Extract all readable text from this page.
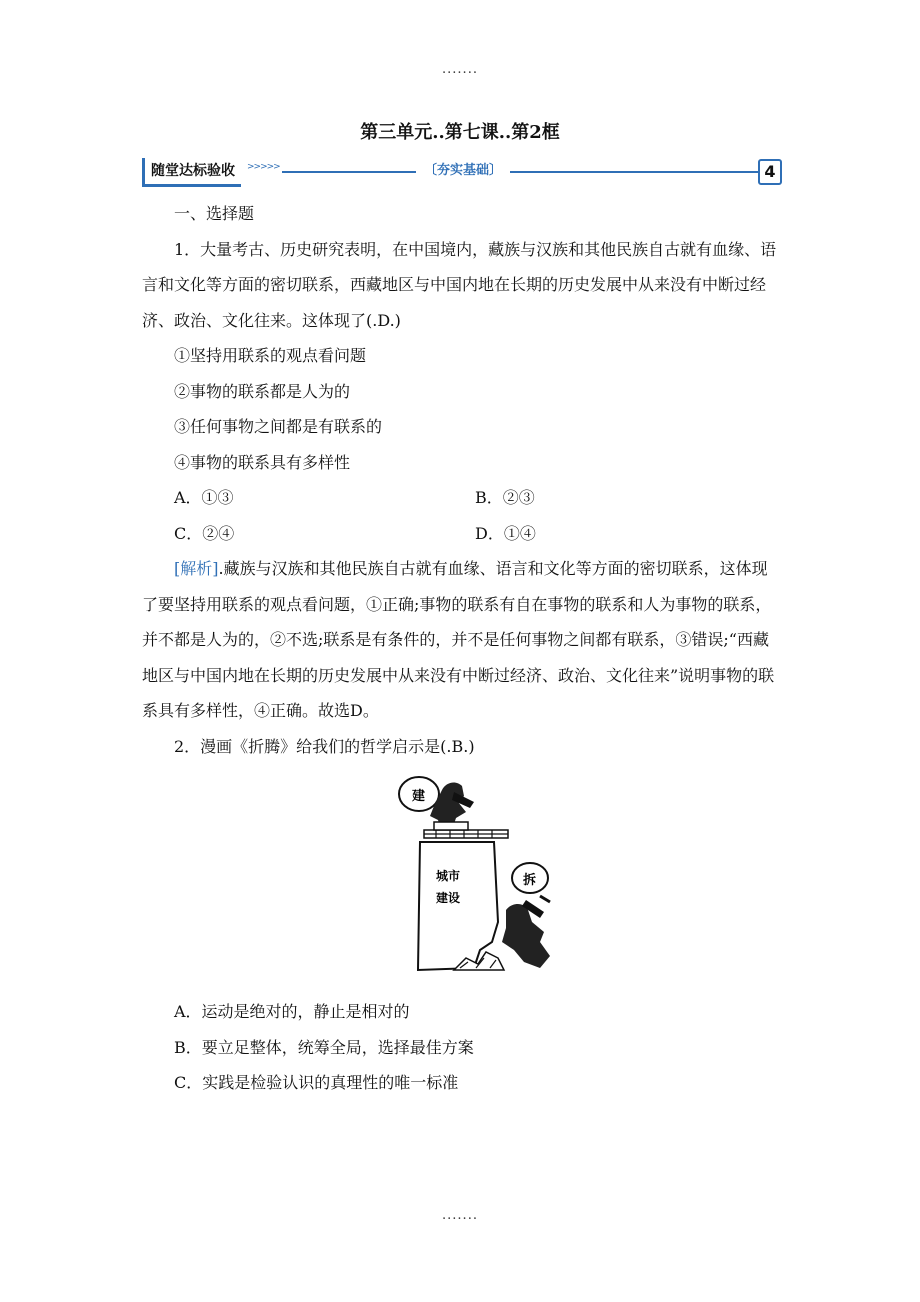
.......
第三单元..第七课..第2框
随堂达标验收	>>>>>	〔夯实基础〕	4

一、选择题

1．大量考古、历史研究表明，在中国境内，藏族与汉族和其他民族自古就有血缘、语言和文化等方面的密切联系，西藏地区与中国内地在长期的历史发展中从来没有中断过经济、政治、文化往来。这体现了(.D.)

①坚持用联系的观点看问题

②事物的联系都是人为的

③任何事物之间都是有联系的

④事物的联系具有多样性

A．①③	B．②③
C．②④	D．①④

[解析].藏族与汉族和其他民族自古就有血缘、语言和文化等方面的密切联系，这体现了要坚持用联系的观点看问题，①正确;事物的联系有自在事物的联系和人为事物的联系，并不都是人为的，②不选;联系是有条件的，并不是任何事物之间都有联系，③错误;“西藏地区与中国内地在长期的历史发展中从来没有中断过经济、政治、文化往来”说明事物的联系具有多样性，④正确。故选D。

2．漫画《折腾》给我们的哲学启示是(.B.)

建
城市
建设
拆

A．运动是绝对的，静止是相对的

B．要立足整体，统筹全局，选择最佳方案

C．实践是检验认识的真理性的唯一标准

.......
